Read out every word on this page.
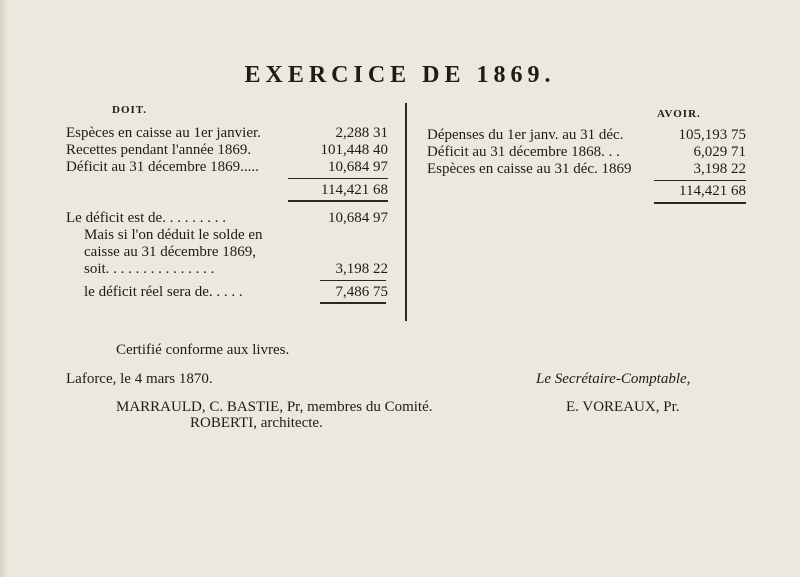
EXERCICE DE 1869.
DOIT.
Espèces en caisse au 1er janvier.	2,288 31
Recettes pendant l'année 1869.	101,448 40
Déficit au 31 décembre 1869.....	10,684 97
114,421 68
Le déficit est de. . . . . . . . .	10,684 97
Mais si l'on déduit le solde en
caisse au 31 décembre 1869,
soit. . . . . . . . . . . . . . .	3,198 22
le déficit réel sera de. . . . .	7,486 75
AVOIR.
Dépenses du 1er janv. au 31 déc.	105,193 75
Déficit au 31 décembre 1868. . .	6,029 71
Espèces en caisse au 31 déc. 1869	3,198 22
114,421 68
Certifié conforme aux livres.
Laforce, le 4 mars 1870.	Le Secrétaire-Comptable,
MARRAULD, C. BASTIE, Pr, membres du Comité.	E. VOREAUX, Pr.
ROBERTI, architecte.
